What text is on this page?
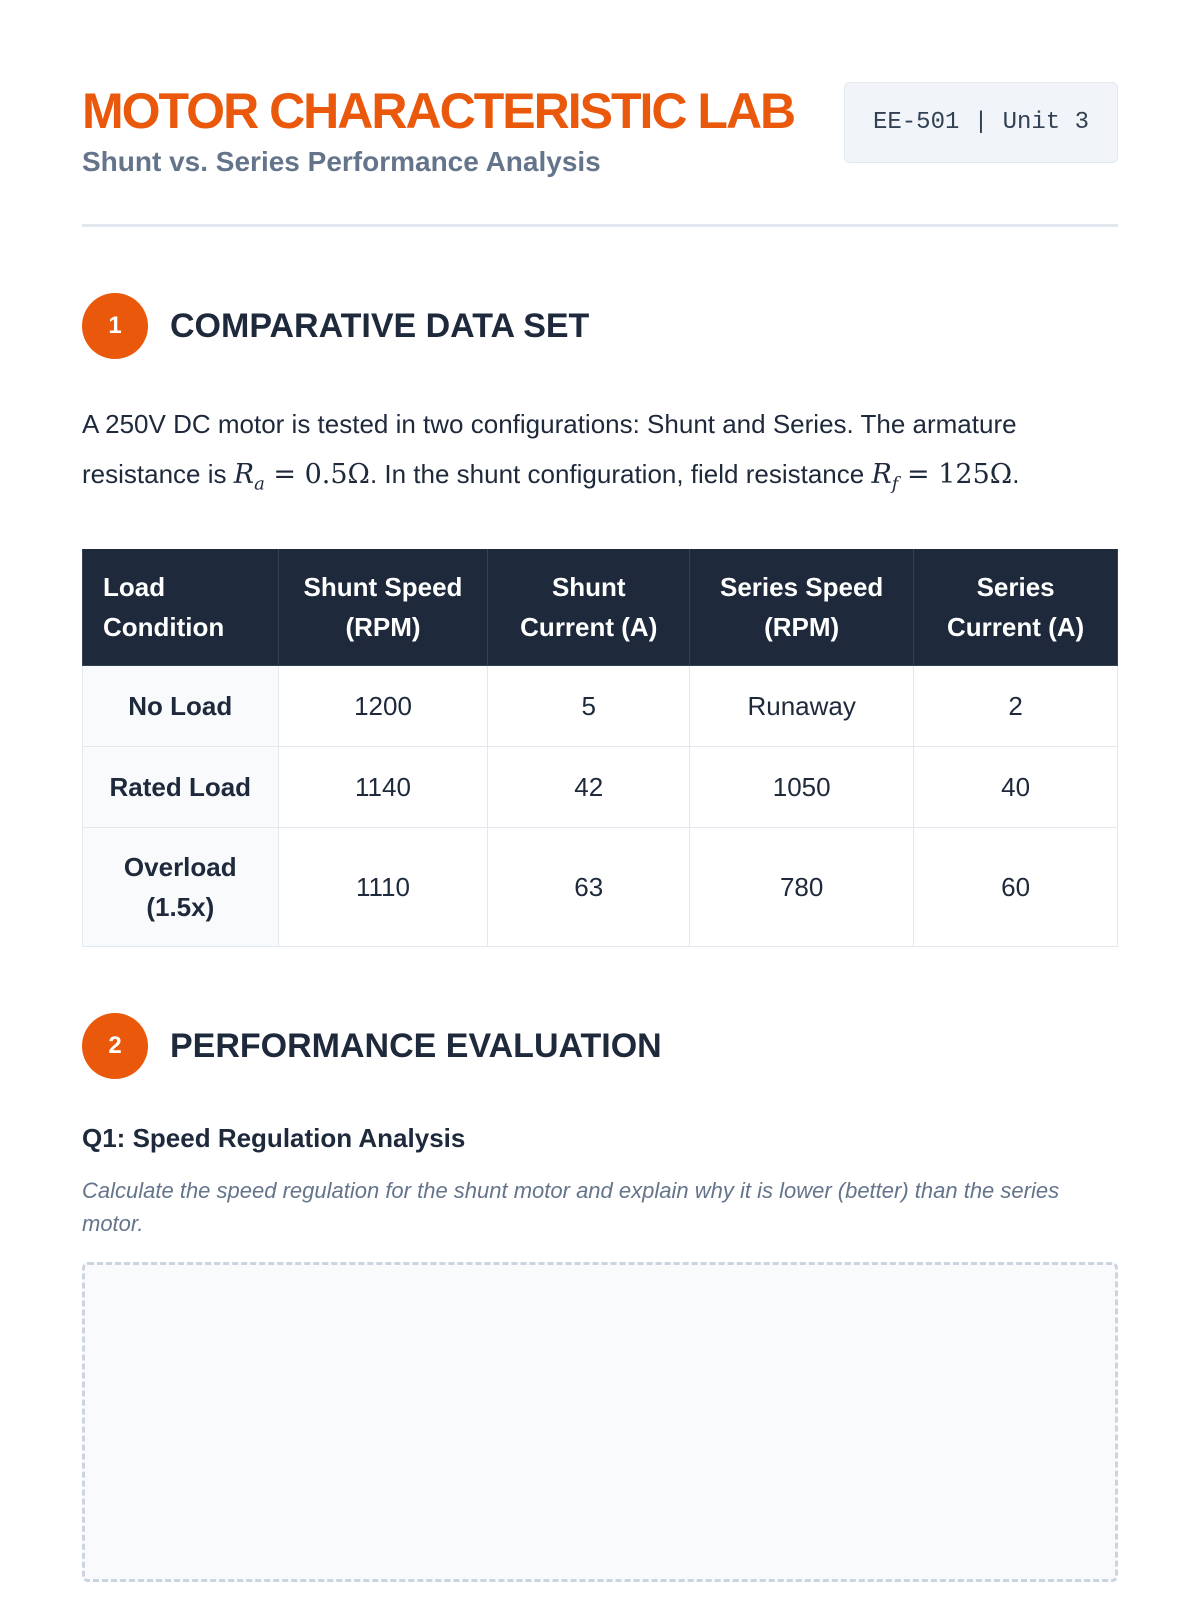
MOTOR CHARACTERISTIC LAB
Shunt vs. Series Performance Analysis
EE-501 | Unit 3
1	COMPARATIVE DATA SET

A 250V DC motor is tested in two configurations: Shunt and Series. The armature resistance is $R_a = 0.5\Omega$. In the shunt configuration, field resistance $R_f = 125\Omega$.

Load Condition	Shunt Speed (RPM)	Shunt Current (A)	Series Speed (RPM)	Series Current (A)
No Load	1200	5	Runaway	2
Rated Load	1140	42	1050	40
Overload (1.5x)	1110	63	780	60
2	PERFORMANCE EVALUATION
Q1: Speed Regulation Analysis
Calculate the speed regulation for the shunt motor and explain why it is lower (better) than the series motor.
